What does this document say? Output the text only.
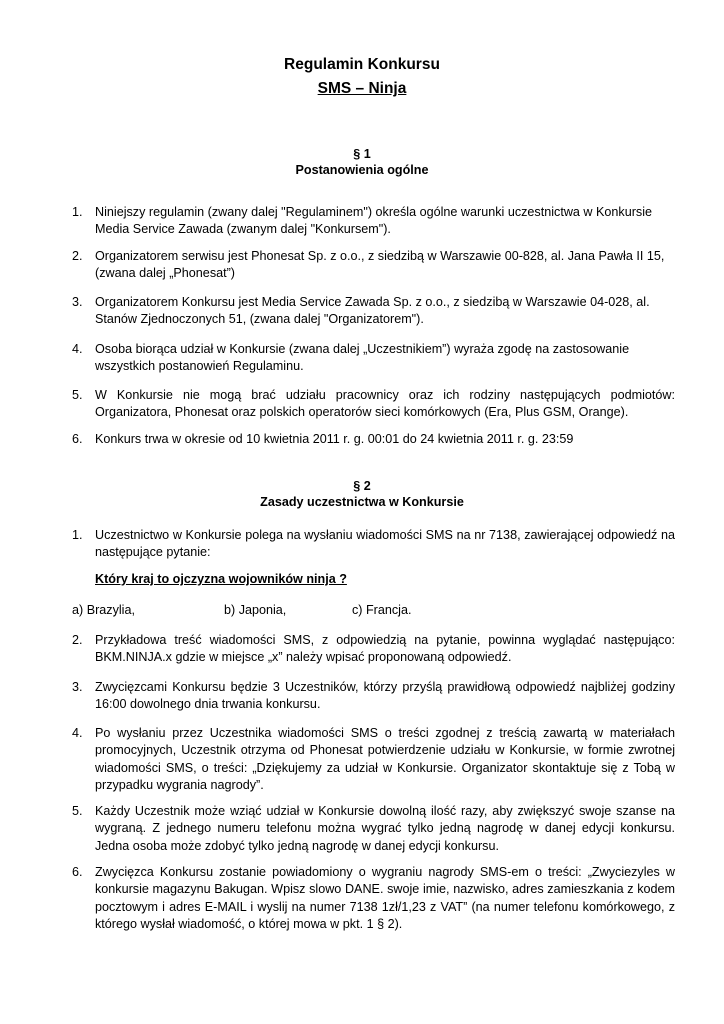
Regulamin Konkursu
SMS – Ninja
§ 1
Postanowienia ogólne
1. Niniejszy regulamin (zwany dalej "Regulaminem") określa ogólne warunki uczestnictwa w Konkursie Media Service Zawada (zwanym dalej "Konkursem").
2. Organizatorem serwisu jest Phonesat Sp. z o.o., z siedzibą w Warszawie 00-828, al. Jana Pawła II 15, (zwana dalej „Phonesat”)
3. Organizatorem Konkursu jest Media Service Zawada Sp. z o.o., z siedzibą w Warszawie 04-028, al. Stanów Zjednoczonych 51, (zwana dalej "Organizatorem").
4. Osoba biorąca udział w Konkursie (zwana dalej „Uczestnikiem”) wyraża zgodę na zastosowanie wszystkich postanowień Regulaminu.
5. W Konkursie nie mogą brać udziału pracownicy oraz ich rodziny następujących podmiotów: Organizatora, Phonesat oraz polskich operatorów sieci komórkowych (Era, Plus GSM, Orange).
6. Konkurs trwa w okresie od 10 kwietnia 2011 r. g. 00:01 do 24 kwietnia 2011 r. g. 23:59
§ 2
Zasady uczestnictwa w Konkursie
1. Uczestnictwo w Konkursie polega na wysłaniu wiadomości SMS na nr 7138, zawierającej odpowiedź na następujące pytanie:
Który kraj to ojczyzna wojowników ninja ?
a) Brazylia,	b) Japonia,	c) Francja.
2. Przykładowa treść wiadomości SMS, z odpowiedzią na pytanie, powinna wyglądać następująco: BKM.NINJA.x gdzie w miejsce „x” należy wpisać proponowaną odpowiedź.
3. Zwycięzcami Konkursu będzie 3 Uczestników, którzy przyślą prawidłową odpowiedź najbliżej godziny 16:00 dowolnego dnia trwania konkursu.
4. Po wysłaniu przez Uczestnika wiadomości SMS o treści zgodnej z treścią zawartą w materiałach promocyjnych, Uczestnik otrzyma od Phonesat potwierdzenie udziału w Konkursie, w formie zwrotnej wiadomości SMS, o treści: „Dziękujemy za udział w Konkursie. Organizator skontaktuje się z Tobą w przypadku wygrania nagrody”.
5. Każdy Uczestnik może wziąć udział w Konkursie dowolną ilość razy, aby zwiększyć swoje szanse na wygraną. Z jednego numeru telefonu można wygrać tylko jedną nagrodę w danej edycji konkursu. Jedna osoba może zdobyć tylko jedną nagrodę w danej edycji konkursu.
6. Zwycięzca Konkursu zostanie powiadomiony o wygraniu nagrody SMS-em o treści: „Zwyciezyles w konkursie magazynu Bakugan. Wpisz slowo DANE. swoje imie, nazwisko, adres zamieszkania z kodem pocztowym i adres E-MAIL i wyslij na numer 7138 1zł/1,23 z VAT” (na numer telefonu komórkowego, z którego wysłał wiadomość, o której mowa w pkt. 1 § 2).
